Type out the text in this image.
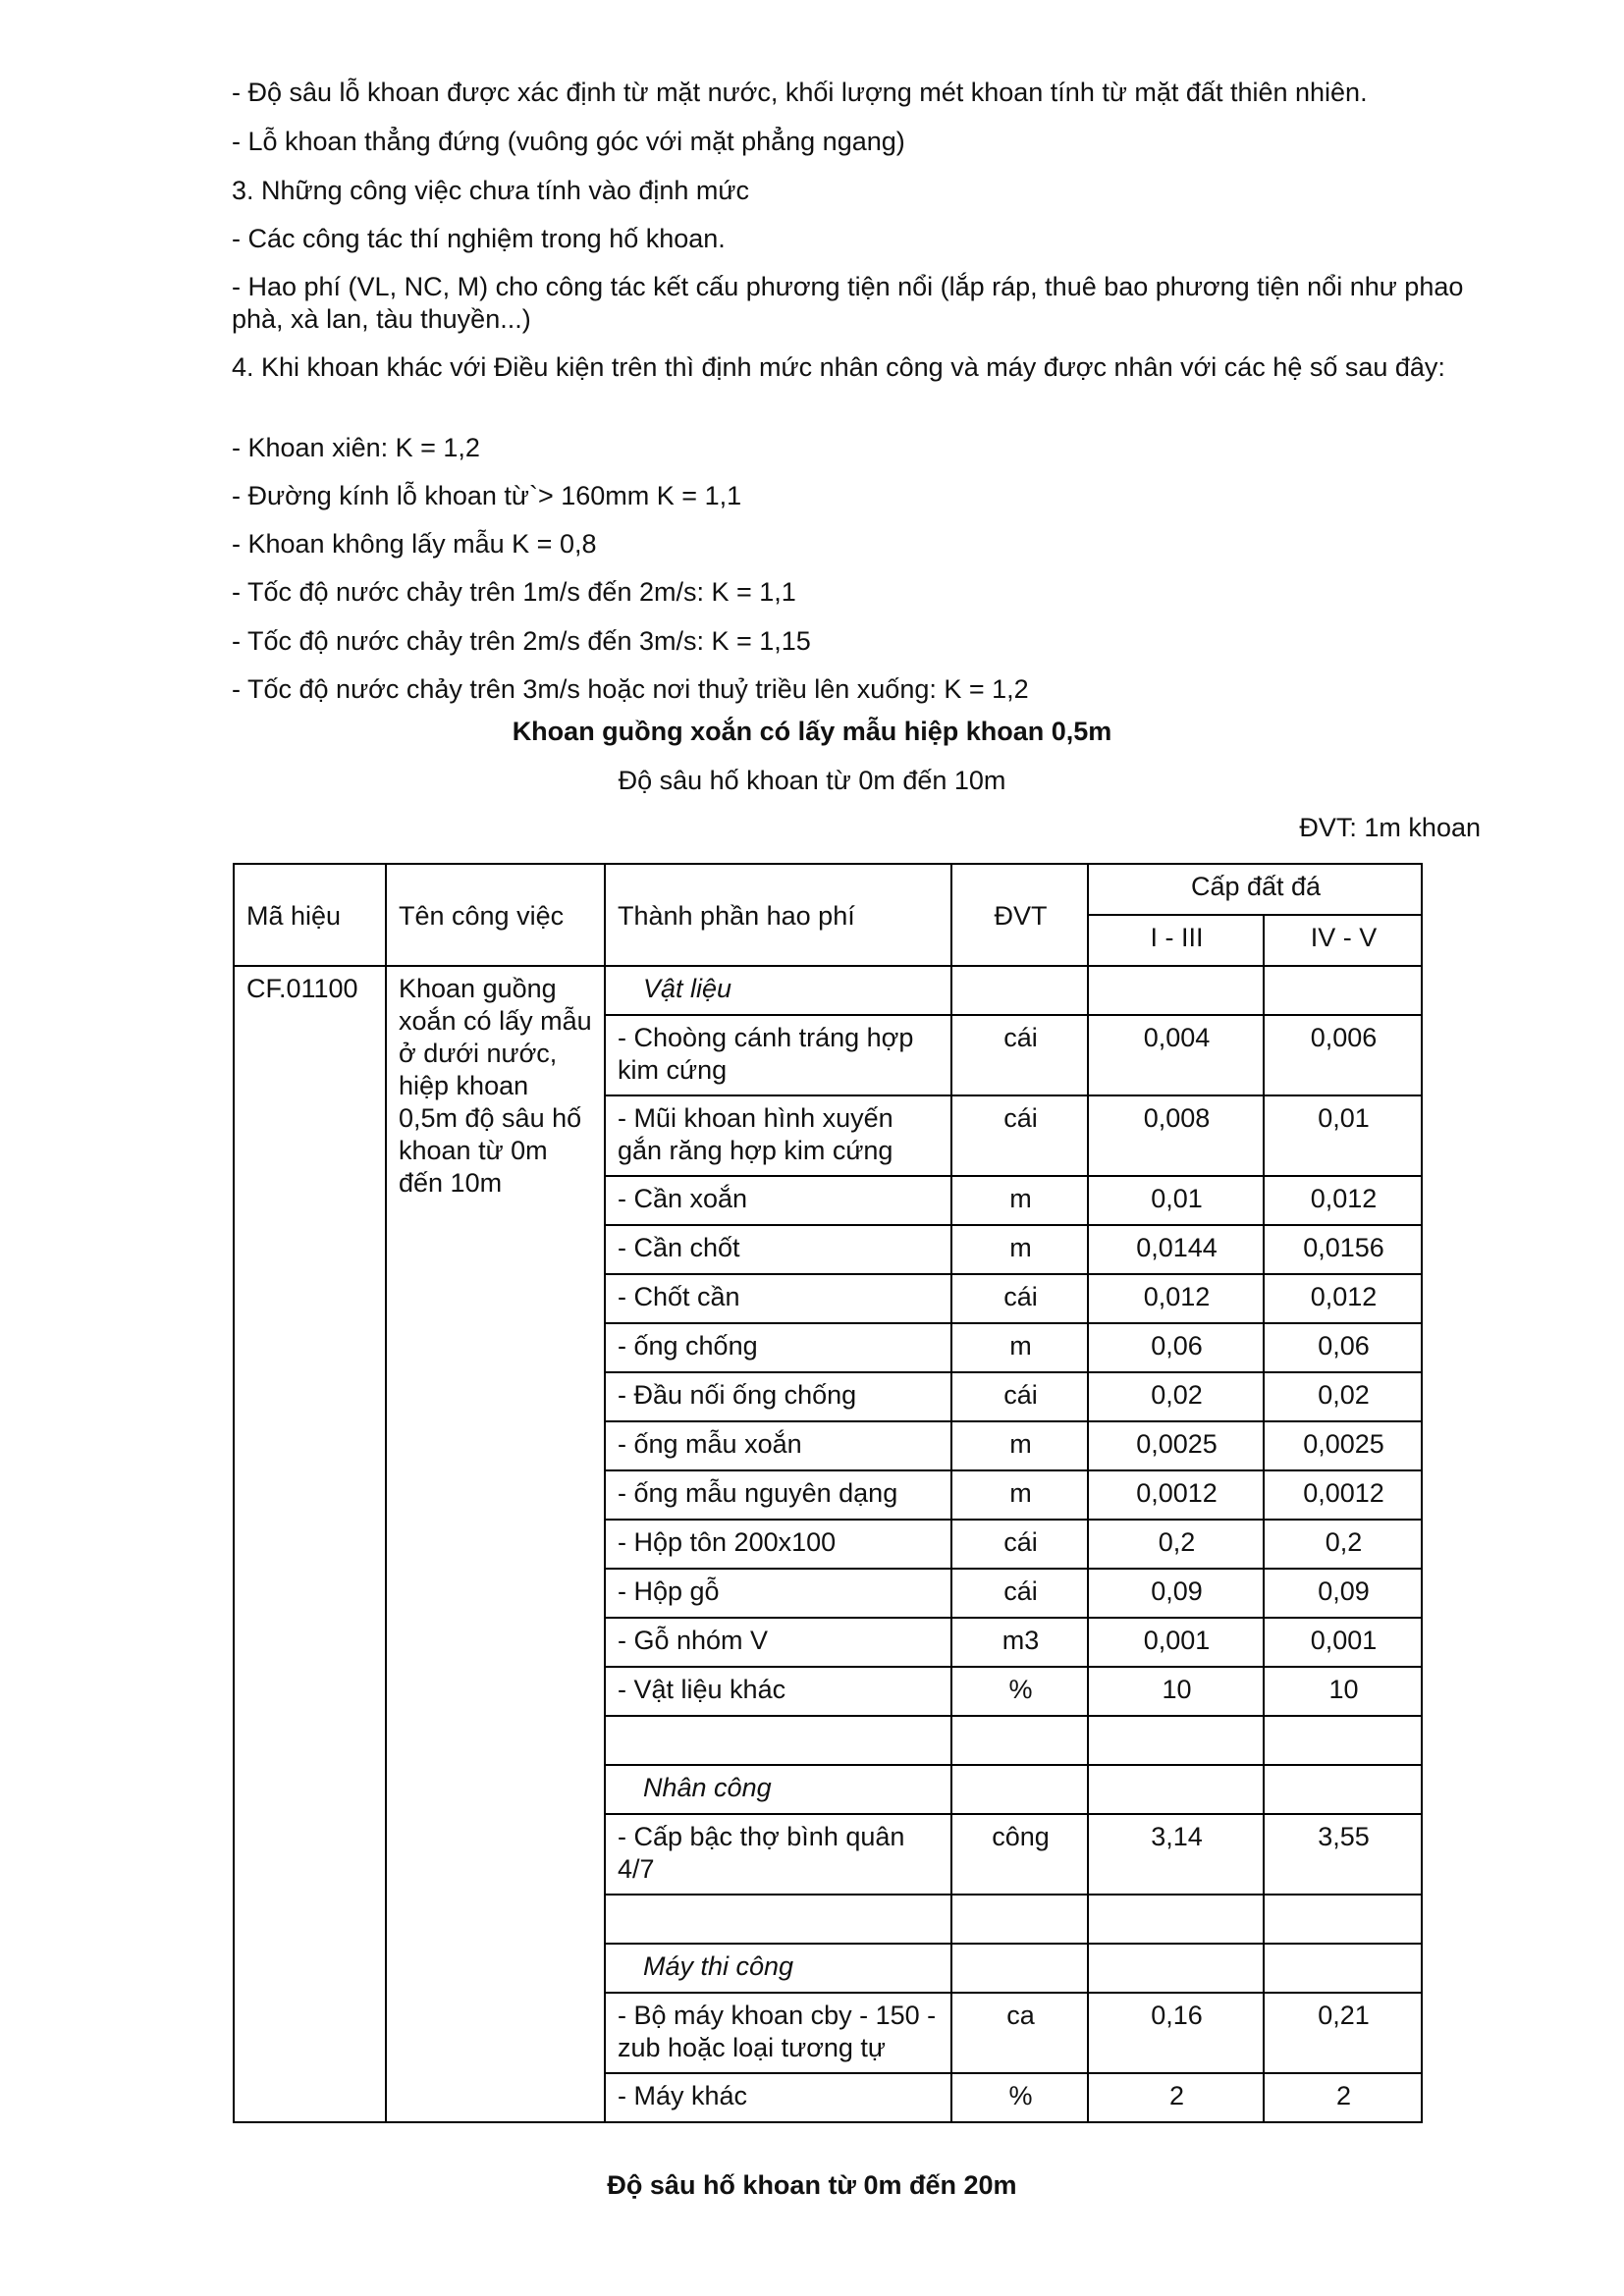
- Độ sâu lỗ khoan được xác định từ mặt nước, khối lượng mét khoan tính từ mặt đất thiên nhiên.

- Lỗ khoan thẳng đứng (vuông góc với mặt phẳng ngang)

3. Những công việc chưa tính vào định mức

- Các công tác thí nghiệm trong hố khoan.

- Hao phí (VL, NC, M) cho công tác kết cấu phương tiện nổi (lắp ráp, thuê bao phương tiện nổi như phao phà, xà lan, tàu thuyền...)

4. Khi khoan khác với Điều kiện trên thì định mức nhân công và máy được nhân với các hệ số sau đây:

- Khoan xiên: K = 1,2

- Đường kính lỗ khoan từ`> 160mm K = 1,1

- Khoan không lấy mẫu K = 0,8

- Tốc độ nước chảy trên 1m/s đến 2m/s: K = 1,1

- Tốc độ nước chảy trên 2m/s đến 3m/s: K = 1,15

- Tốc độ nước chảy trên 3m/s hoặc nơi thuỷ triều lên xuống: K = 1,2

Khoan guồng xoắn có lấy mẫu hiệp khoan 0,5m

Độ sâu hố khoan từ 0m đến 10m

ĐVT: 1m khoan
Mã hiệu	Tên công việc	Thành phần hao phí	ĐVT	Cấp đất đá	
				I - III	IV - V
CF.01100	Khoan guồng xoắn có lấy mẫu ở dưới nước, hiệp khoan 0,5m độ sâu hố khoan từ 0m đến 10m	Vật liệu			
		- Choòng cánh tráng hợp kim cứng	cái	0,004	0,006
		- Mũi khoan hình xuyến gắn răng hợp kim cứng	cái	0,008	0,01
		- Cần xoắn	m	0,01	0,012
		- Cần chốt	m	0,0144	0,0156
		- Chốt cần	cái	0,012	0,012
		- ống chống	m	0,06	0,06
		- Đầu nối ống chống	cái	0,02	0,02
		- ống mẫu xoắn	m	0,0025	0,0025
		- ống mẫu nguyên dạng	m	0,0012	0,0012
		- Hộp tôn 200x100	cái	0,2	0,2
		- Hộp gỗ	cái	0,09	0,09
		- Gỗ nhóm V	m3	0,001	0,001
		- Vật liệu khác	%	10	10

		Nhân công			
		- Cấp bậc thợ bình quân 4/7	công	3,14	3,55

		Máy thi công			
		- Bộ máy khoan cby - 150 - zub hoặc loại tương tự	ca	0,16	0,21
		- Máy khác	%	2	2

Độ sâu hố khoan từ 0m đến 20m
